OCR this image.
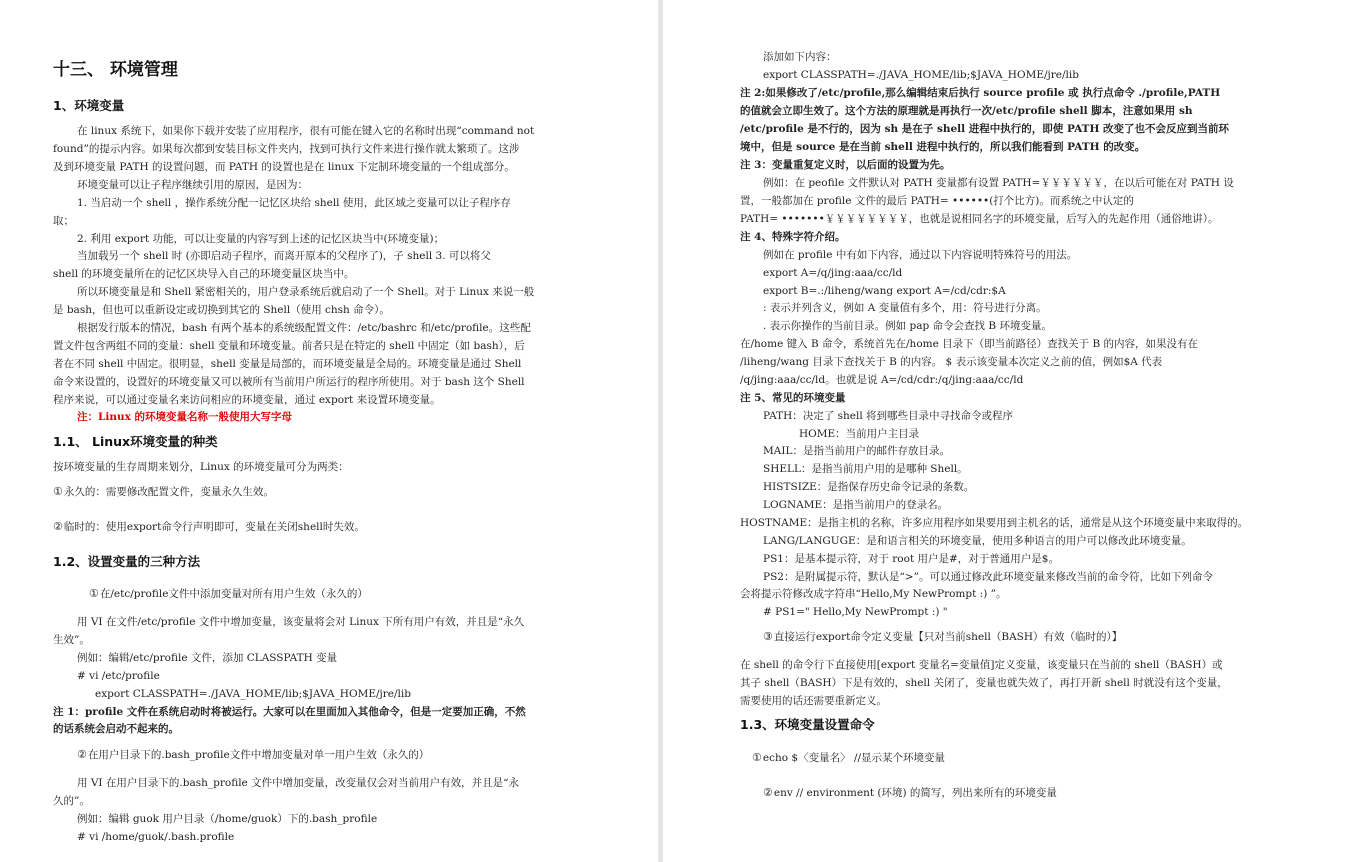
十三、 环境管理
1、环境变量
在 linux 系统下，如果你下载并安装了应用程序，很有可能在键入它的名称时出现“command not
found”的提示内容。如果每次都到安装目标文件夹内，找到可执行文件来进行操作就太繁琐了。这涉
及到环境变量 PATH 的设置问题，而 PATH 的设置也是在 linux 下定制环境变量的一个组成部分。
环境变量可以让子程序继续引用的原因，是因为：
1. 当启动一个 shell ，操作系统分配一记忆区块给 shell 使用，此区域之变量可以让子程序存
取；
2. 利用 export 功能，可以让变量的内容写到上述的记忆区块当中(环境变量)；
当加载另一个 shell 时 (亦即启动子程序，而离开原本的父程序了)，子 shell 3. 可以将父
shell 的环境变量所在的记忆区块导入自己的环境变量区块当中。
所以环境变量是和 Shell 紧密相关的，用户登录系统后就启动了一个 Shell。对于 Linux 来说一般
是 bash，但也可以重新设定或切换到其它的 Shell（使用 chsh 命令）。
根据发行版本的情况，bash 有两个基本的系统级配置文件：/etc/bashrc 和/etc/profile。这些配
置文件包含两组不同的变量：shell 变量和环境变量。前者只是在特定的 shell 中固定（如 bash），后
者在不同 shell 中固定。很明显，shell 变量是局部的，而环境变量是全局的。环境变量是通过 Shell
命令来设置的，设置好的环境变量又可以被所有当前用户所运行的程序所使用。对于 bash 这个 Shell
程序来说，可以通过变量名来访问相应的环境变量，通过 export 来设置环境变量。
注：Linux 的环境变量名称一般使用大写字母
1.1、 Linux环境变量的种类
按环境变量的生存周期来划分，Linux 的环境变量可分为两类：
①永久的：需要修改配置文件，变量永久生效。
②临时的：使用export命令行声明即可，变量在关闭shell时失效。
1.2、设置变量的三种方法
①在/etc/profile文件中添加变量对所有用户生效（永久的）
用 VI 在文件/etc/profile 文件中增加变量，该变量将会对 Linux 下所有用户有效，并且是“永久
生效”。
例如：编辑/etc/profile 文件，添加 CLASSPATH 变量
# vi /etc/profile
export CLASSPATH=./JAVA_HOME/lib;$JAVA_HOME/jre/lib
注 1：profile 文件在系统启动时将被运行。大家可以在里面加入其他命令，但是一定要加正确，不然
的话系统会启动不起来的。
②在用户目录下的.bash_profile文件中增加变量对单一用户生效（永久的）
用 VI 在用户目录下的.bash_profile 文件中增加变量，改变量仅会对当前用户有效，并且是“永
久的”。
例如：编辑 guok 用户目录（/home/guok）下的.bash_profile
# vi /home/guok/.bash.profile
添加如下内容：
export CLASSPATH=./JAVA_HOME/lib;$JAVA_HOME/jre/lib
注 2:如果修改了/etc/profile,那么编辑结束后执行 source profile 或 执行点命令 ./profile,PATH
的值就会立即生效了。这个方法的原理就是再执行一次/etc/profile shell 脚本，注意如果用 sh
/etc/profile 是不行的，因为 sh 是在子 shell 进程中执行的，即使 PATH 改变了也不会反应到当前环
境中，但是 source 是在当前 shell 进程中执行的，所以我们能看到 PATH 的改变。
注 3：变量重复定义时，以后面的设置为先。
例如：在 peofile 文件默认对 PATH 变量都有设置 PATH=￥￥￥￥￥￥，在以后可能在对 PATH 设
置，一般都加在 profile 文件的最后 PATH= ••••••(打个比方)。而系统之中认定的
PATH= •••••••￥￥￥￥￥￥￥￥，也就是说相同名字的环境变量，后写入的先起作用（通俗地讲）。
注 4、特殊字符介绍。
例如在 profile 中有如下内容，通过以下内容说明特殊符号的用法。
export A=/q/jing:aaa/cc/ld
export B=.:/liheng/wang export A=/cd/cdr:$A
: 表示并列含义，例如 A 变量值有多个，用：符号进行分离。
. 表示你操作的当前目录。例如 pap 命令会查找 B 环境变量。
在/home 键入 B 命令，系统首先在/home 目录下（即当前路径）查找关于 B 的内容，如果没有在
/liheng/wang 目录下查找关于 B 的内容。 $ 表示该变量本次定义之前的值，例如$A 代表
/q/jing:aaa/cc/ld。也就是说 A=/cd/cdr:/q/jing:aaa/cc/ld
注 5、常见的环境变量
PATH：决定了 shell 将到哪些目录中寻找命令或程序
HOME：当前用户主目录
MAIL：是指当前用户的邮件存放目录。
SHELL：是指当前用户用的是哪种 Shell。
HISTSIZE：是指保存历史命令记录的条数。
LOGNAME：是指当前用户的登录名。
HOSTNAME：是指主机的名称，许多应用程序如果要用到主机名的话，通常是从这个环境变量中来取得的。
LANG/LANGUGE：是和语言相关的环境变量，使用多种语言的用户可以修改此环境变量。
PS1：是基本提示符，对于 root 用户是#，对于普通用户是$。
PS2：是附属提示符，默认是“>”。可以通过修改此环境变量来修改当前的命令符，比如下列命令
会将提示符修改成字符串“Hello,My NewPrompt :) ”。
# PS1=" Hello,My NewPrompt :) "
③直接运行export命令定义变量【只对当前shell（BASH）有效（临时的）】
在 shell 的命令行下直接使用[export 变量名=变量值]定义变量，该变量只在当前的 shell（BASH）或
其子 shell（BASH）下是有效的，shell 关闭了，变量也就失效了，再打开新 shell 时就没有这个变量，
需要使用的话还需要重新定义。
1.3、环境变量设置命令
①echo $〈变量名〉 //显示某个环境变量
②env // environment (环境) 的简写，列出来所有的环境变量
